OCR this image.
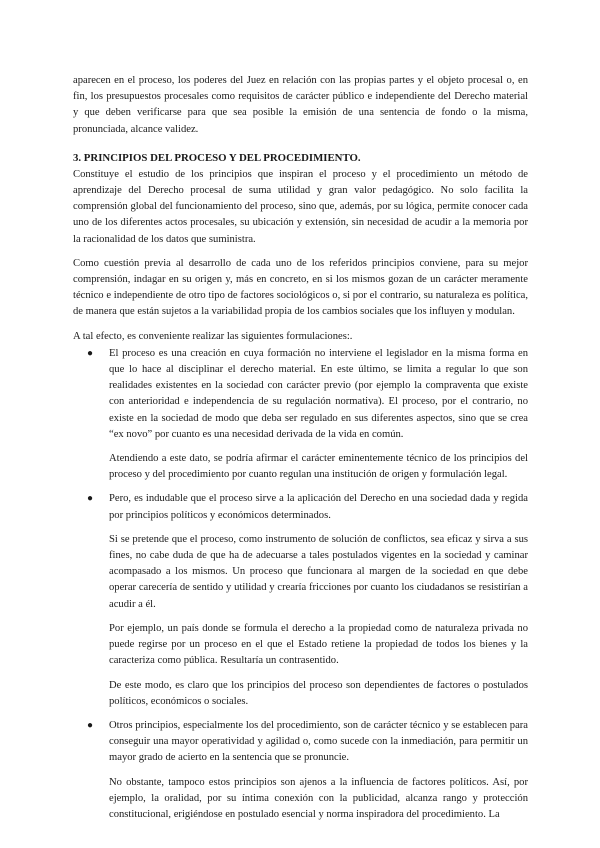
aparecen en el proceso, los poderes del Juez en relación con las propias partes y el objeto procesal o, en fin, los presupuestos procesales como requisitos de carácter público e independiente del Derecho material y que deben verificarse para que sea posible la emisión de una sentencia de fondo o la misma, pronunciada, alcance validez.

3. PRINCIPIOS DEL PROCESO Y DEL PROCEDIMIENTO.

Constituye el estudio de los principios que inspiran el proceso y el procedimiento un método de aprendizaje del Derecho procesal de suma utilidad y gran valor pedagógico. No solo facilita la comprensión global del funcionamiento del proceso, sino que, además, por su lógica, permite conocer cada uno de los diferentes actos procesales, su ubicación y extensión, sin necesidad de acudir a la memoria por la racionalidad de los datos que suministra.

Como cuestión previa al desarrollo de cada uno de los referidos principios conviene, para su mejor comprensión, indagar en su origen y, más en concreto, en si los mismos gozan de un carácter meramente técnico e independiente de otro tipo de factores sociológicos o, si por el contrario, su naturaleza es política, de manera que están sujetos a la variabilidad propia de los cambios sociales que los influyen y modulan.

A tal efecto, es conveniente realizar las siguientes formulaciones:.

● El proceso es una creación en cuya formación no interviene el legislador en la misma forma en que lo hace al disciplinar el derecho material. En este último, se limita a regular lo que son realidades existentes en la sociedad con carácter previo (por ejemplo la compraventa que existe con anterioridad e independencia de su regulación normativa). El proceso, por el contrario, no existe en la sociedad de modo que deba ser regulado en sus diferentes aspectos, sino que se crea “ex novo” por cuanto es una necesidad derivada de la vida en común.

Atendiendo a este dato, se podría afirmar el carácter eminentemente técnico de los principios del proceso y del procedimiento por cuanto regulan una institución de origen y formulación legal.

● Pero, es indudable que el proceso sirve a la aplicación del Derecho en una sociedad dada y regida por principios políticos y económicos determinados.

Si se pretende que el proceso, como instrumento de solución de conflictos, sea eficaz y sirva a sus fines, no cabe duda de que ha de adecuarse a tales postulados vigentes en la sociedad y caminar acompasado a los mismos. Un proceso que funcionara al margen de la sociedad en que debe operar carecería de sentido y utilidad y crearía fricciones por cuanto los ciudadanos se resistirían a acudir a él.

Por ejemplo, un país donde se formula el derecho a la propiedad como de naturaleza privada no puede regirse por un proceso en el que el Estado retiene la propiedad de todos los bienes y la caracteriza como pública. Resultaría un contrasentido.

De este modo, es claro que los principios del proceso son dependientes de factores o postulados políticos, económicos o sociales.

● Otros principios, especialmente los del procedimiento, son de carácter técnico y se establecen para conseguir una mayor operatividad y agilidad o, como sucede con la inmediación, para permitir un mayor grado de acierto en la sentencia que se pronuncie.

No obstante, tampoco estos principios son ajenos a la influencia de factores políticos. Así, por ejemplo, la oralidad, por su íntima conexión con la publicidad, alcanza rango y protección constitucional, erigiéndose en postulado esencial y norma inspiradora del procedimiento. La
